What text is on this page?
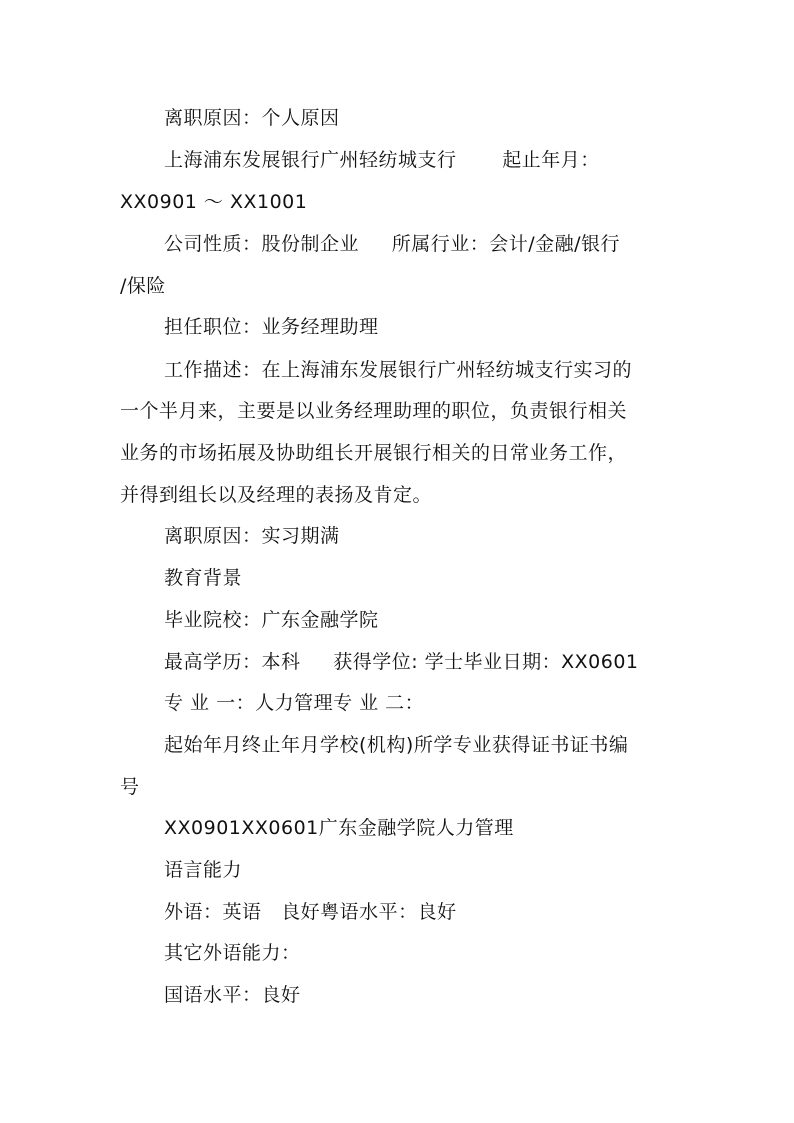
离职原因：个人原因
上海浦东发展银行广州轻纺城支行       起止年月：
XX0901 ～ XX1001
公司性质：股份制企业     所属行业：会计/金融/银行
/保险
担任职位：业务经理助理
工作描述：在上海浦东发展银行广州轻纺城支行实习的
一个半月来，主要是以业务经理助理的职位，负责银行相关
业务的市场拓展及协助组长开展银行相关的日常业务工作，
并得到组长以及经理的表扬及肯定。
离职原因：实习期满
教育背景
毕业院校：广东金融学院
最高学历：本科     获得学位: 学士毕业日期：XX0601
专 业 一：人力管理专 业 二：
起始年月终止年月学校(机构)所学专业获得证书证书编
号
XX0901XX0601广东金融学院人力管理
语言能力
外语：英语   良好粤语水平：良好
其它外语能力：
国语水平：良好
